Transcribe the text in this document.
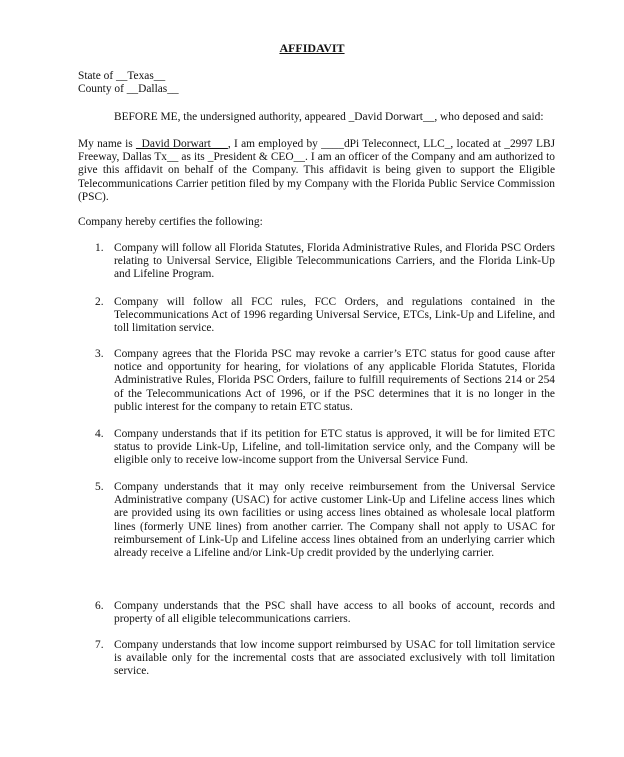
AFFIDAVIT
State of __Texas__
County of __Dallas__
BEFORE ME, the undersigned authority, appeared _David Dorwart__, who deposed and said:
My name is _David Dorwart___, I am employed by ____dPi Teleconnect, LLC_, located at _2997 LBJ Freeway, Dallas Tx__ as its _President & CEO__. I am an officer of the Company and am authorized to give this affidavit on behalf of the Company. This affidavit is being given to support the Eligible Telecommunications Carrier petition filed by my Company with the Florida Public Service Commission (PSC).
Company hereby certifies the following:
1. Company will follow all Florida Statutes, Florida Administrative Rules, and Florida PSC Orders relating to Universal Service, Eligible Telecommunications Carriers, and the Florida Link-Up and Lifeline Program.
2. Company will follow all FCC rules, FCC Orders, and regulations contained in the Telecommunications Act of 1996 regarding Universal Service, ETCs, Link-Up and Lifeline, and toll limitation service.
3. Company agrees that the Florida PSC may revoke a carrier’s ETC status for good cause after notice and opportunity for hearing, for violations of any applicable Florida Statutes, Florida Administrative Rules, Florida PSC Orders, failure to fulfill requirements of Sections 214 or 254 of the Telecommunications Act of 1996, or if the PSC determines that it is no longer in the public interest for the company to retain ETC status.
4. Company understands that if its petition for ETC status is approved, it will be for limited ETC status to provide Link-Up, Lifeline, and toll-limitation service only, and the Company will be eligible only to receive low-income support from the Universal Service Fund.
5. Company understands that it may only receive reimbursement from the Universal Service Administrative company (USAC) for active customer Link-Up and Lifeline access lines which are provided using its own facilities or using access lines obtained as wholesale local platform lines (formerly UNE lines) from another carrier. The Company shall not apply to USAC for reimbursement of Link-Up and Lifeline access lines obtained from an underlying carrier which already receive a Lifeline and/or Link-Up credit provided by the underlying carrier.
6. Company understands that the PSC shall have access to all books of account, records and property of all eligible telecommunications carriers.
7. Company understands that low income support reimbursed by USAC for toll limitation service is available only for the incremental costs that are associated exclusively with toll limitation service.
